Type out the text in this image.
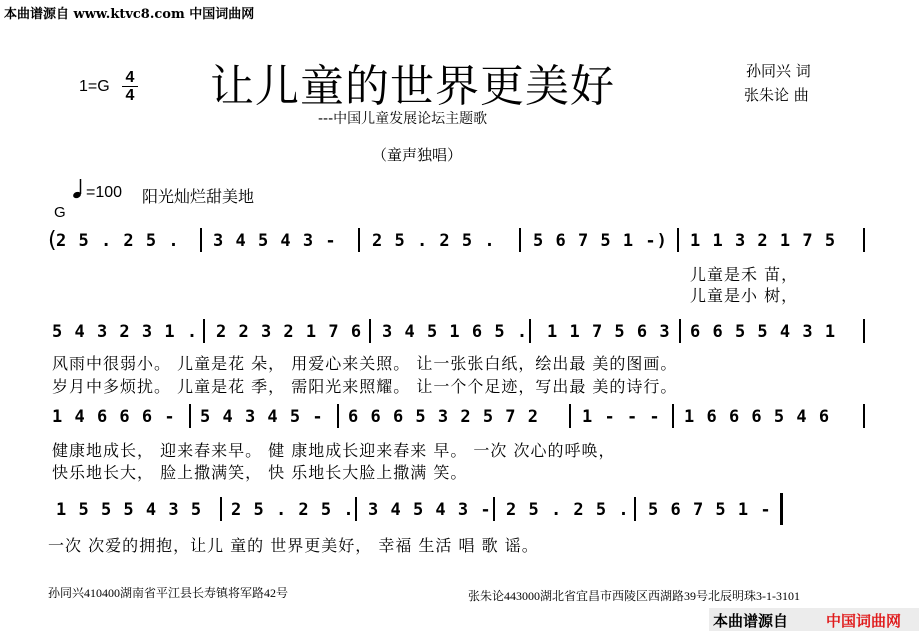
本曲谱源自 www.ktvc8.com 中国词曲网
1=G
4
4 让儿童的世界更美好
---中国儿童发展论坛主题歌
（童声独唱）
孙同兴 词
张朱论 曲
=100 阳光灿烂甜美地
G
( 2 5 . 2 5 . 3 4 5 4 3 - 2 5 . 2 5 . 5 6 7 5 1 -) 1 1 3 2 1 7 5
儿童是禾 苗，
儿童是小 树，
5 4 3 2 3 1 . 2 2 3 2 1 7 6 3 4 5 1 6 5 . 1 1 7 5 6 3 6 6 5 5 4 3 1
风雨中很弱小。 儿童是花 朵， 用爱心来关照。 让一张张白纸，绘出最 美的图画。
岁月中多烦扰。 儿童是花 季， 需阳光来照耀。 让一个个足迹，写出最 美的诗行。
1 4 6 6 6 - 5 4 3 4 5 - 6 6 6 5 3 2 5 7 2	1 - - - 1 6 6 6 5 4 6
健康地成长， 迎来春来早。 健 康地成长迎来春来 早。 一次 次心的呼唤，
快乐地长大， 脸上撒满笑， 快 乐地长大脸上撒满 笑。
1 5 5 5 4 3 5 2 5 . 2 5 . 3 4 5 4 3 - 2 5 . 2 5 . 5 6 7 5 1 -
一次 次爱的拥抱，让儿 童的 世界更美好， 幸福 生活 唱 歌 谣。
孙同兴410400湖南省平江县长寿镇将军路42号	张朱论443000湖北省宜昌市西陵区西湖路39号北辰明珠3-1-3101
本曲谱源自	中国词曲网
